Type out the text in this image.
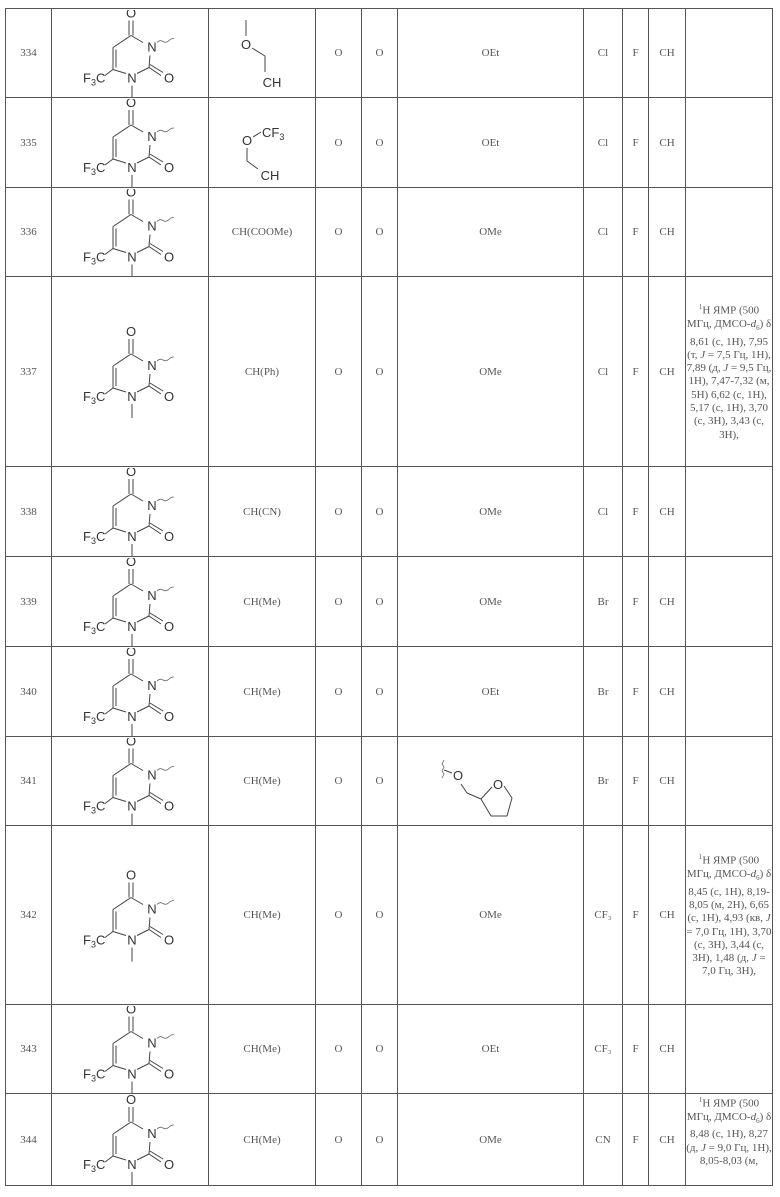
334	
O
N
O
N
F3C

O
CH
	O	O	OEt	Cl	F	CH	
335	
O
N
O
N
F3C

O
CF3
CH
	O	O	OEt	Cl	F	CH	
336	
O
N
O
N
F3C
	CH(COOMe)	O	O	OMe	Cl	F	CH	
337	
O
N
O
N
F3C
	CH(Ph)	O	O	OMe	Cl	F	CH	1H ЯМР (500 МГц, ДМСО-d6) δ 8,61 (с, 1H), 7,95 (т, J = 7,5 Гц, 1H), 7,89 (д, J = 9,5 Гц, 1H), 7,47-7,32 (м, 5H) 6,62 (с, 1H), 5,17 (с, 1H), 3,70 (с, 3H), 3,43 (с, 3H),
338	
O
N
O
N
F3C
	CH(CN)	O	O	OMe	Cl	F	CH	
339	
O
N
O
N
F3C
	CH(Me)	O	O	OMe	Br	F	CH	
340	
O
N
O
N
F3C
	CH(Me)	O	O	OEt	Br	F	CH	
341	
O
N
O
N
F3C
	CH(Me)	O	O	O
O	Br	F	CH	
342	
O
N
O
N
F3C
	CH(Me)	O	O	OMe	CF₃	F	CH	1H ЯМР (500 МГц, ДМСО-d6) δ 8,45 (с, 1H), 8,19-8,05 (м, 2H), 6,65 (с, 1H), 4,93 (кв, J = 7,0 Гц, 1H), 3,70 (с, 3H), 3,44 (с, 3H), 1,48 (д, J = 7,0 Гц, 3H),
343	
O
N
O
N
F3C
	CH(Me)	O	O	OEt	CF₃	F	CH	
344	
O
N
O
N
F3C
	CH(Me)	O	O	OMe	CN	F	CH	1H ЯМР (500 МГц, ДМСО-d6) δ 8,48 (с, 1H), 8,27 (д, J = 9,0 Гц, 1H), 8,05-8,03 (м,
